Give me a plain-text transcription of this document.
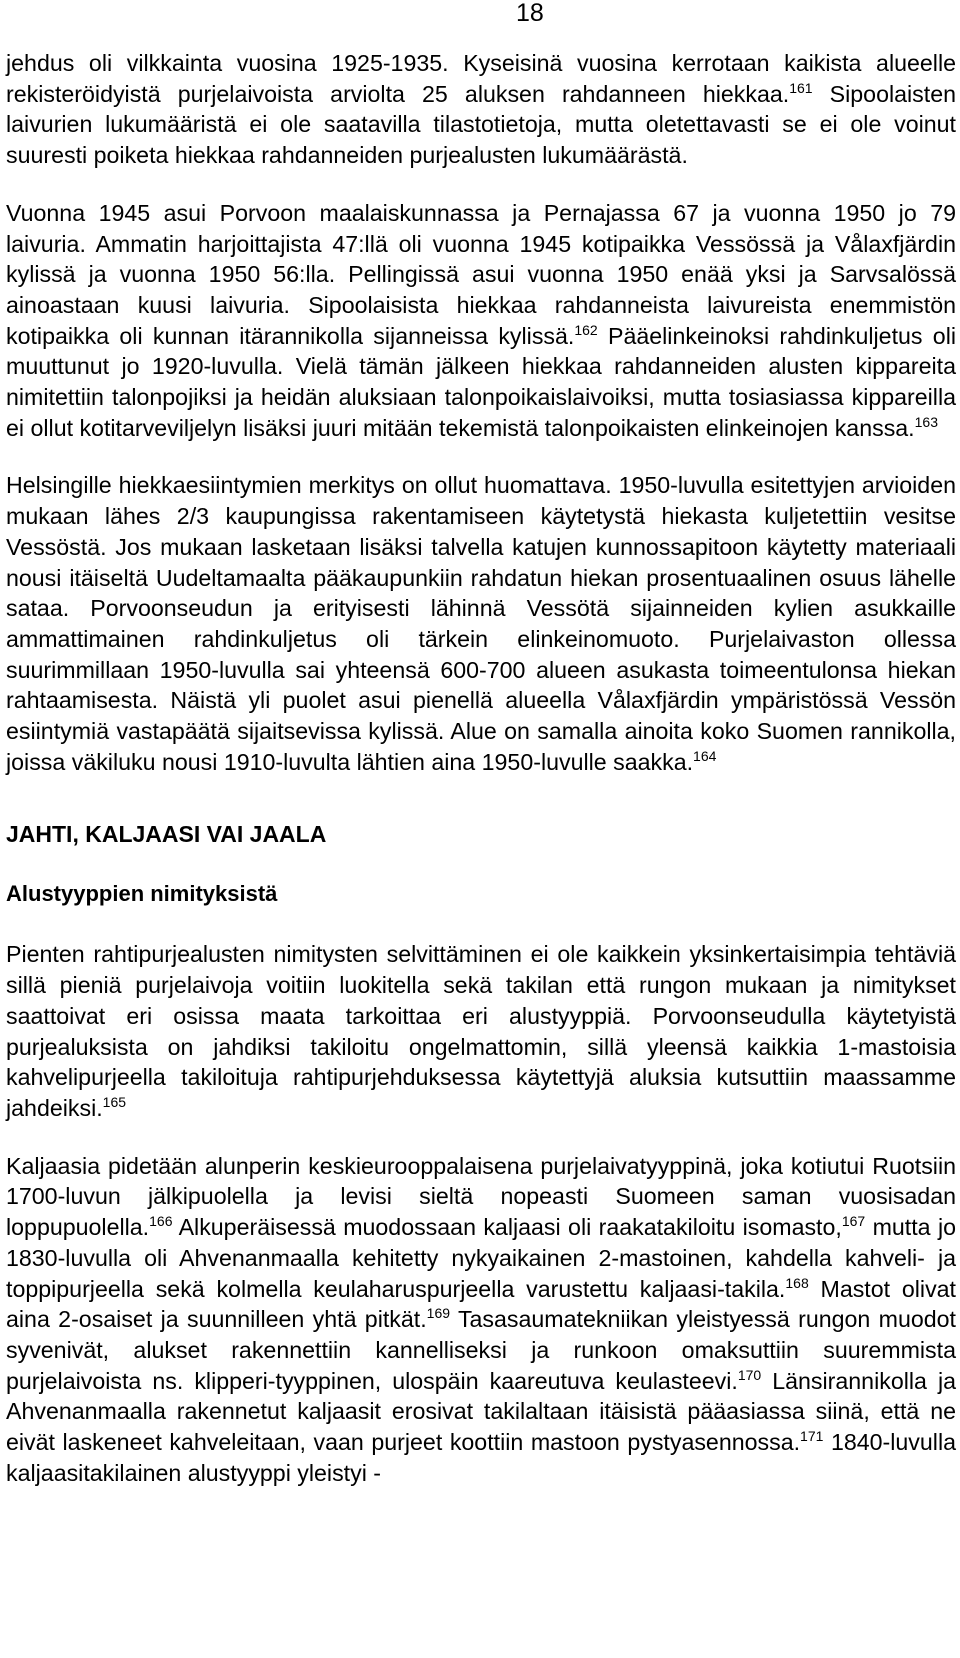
18

jehdus oli vilkkainta vuosina 1925-1935. Kyseisinä vuosina kerrotaan kaikista alueelle rekisteröidyistä purjelaivoista arviolta 25 aluksen rahdanneen hiekkaa.$^{161}$ Sipoolaisten laivurien lukumääristä ei ole saatavilla tilastotietoja, mutta oletettavasti se ei ole voinut suuresti poiketa hiekkaa rahdanneiden purjealusten lukumäärästä.

Vuonna 1945 asui Porvoon maalaiskunnassa ja Pernajassa 67 ja vuonna 1950 jo 79 laivuria. Ammatin harjoittajista 47:llä oli vuonna 1945 kotipaikka Vessössä ja Vålaxfjärdin kylissä ja vuonna 1950 56:lla. Pellingissä asui vuonna 1950 enää yksi ja Sarvsalössä ainoastaan kuusi laivuria. Sipoolaisista hiekkaa rahdanneista laivureista enemmistön kotipaikka oli kunnan itärannikolla sijanneissa kylissä.$^{162}$ Pääelinkeinoksi rahdinkuljetus oli muuttunut jo 1920-luvulla. Vielä tämän jälkeen hiekkaa rahdanneiden alusten kippareita nimitettiin talonpojiksi ja heidän aluksiaan talonpoikaislaivoiksi, mutta tosiasiassa kippareilla ei ollut kotitarveviljelyn lisäksi juuri mitään tekemistä talonpoikaisten elinkeinojen kanssa.$^{163}$

Helsingille hiekkaesiintymien merkitys on ollut huomattava. 1950-luvulla esitettyjen arvioiden mukaan lähes 2/3 kaupungissa rakentamiseen käytetystä hiekasta kuljetettiin vesitse Vessöstä. Jos mukaan lasketaan lisäksi talvella katujen kunnossapitoon käytetty materiaali nousi itäiseltä Uudeltamaalta pääkaupunkiin rahdatun hiekan prosentuaalinen osuus lähelle sataa. Porvoonseudun ja erityisesti lähinnä Vessötä sijainneiden kylien asukkaille ammattimainen rahdinkuljetus oli tärkein elinkeinomuoto. Purjelaivaston ollessa suurimmillaan 1950-luvulla sai yhteensä 600-700 alueen asukasta toimeentulonsa hiekan rahtaamisesta. Näistä yli puolet asui pienellä alueella Vålaxfjärdin ympäristössä Vessön esiintymiä vastapäätä sijaitsevissa kylissä. Alue on samalla ainoita koko Suomen rannikolla, joissa väkiluku nousi 1910-luvulta lähtien aina 1950-luvulle saakka.$^{164}$

JAHTI, KALJAASI VAI JAALA
Alustyyppien nimityksistä

Pienten rahtipurjealusten nimitysten selvittäminen ei ole kaikkein yksinkertaisimpia tehtäviä sillä pieniä purjelaivoja voitiin luokitella sekä takilan että rungon mukaan ja nimitykset saattoivat eri osissa maata tarkoittaa eri alustyyppiä. Porvoonseudulla käytetyistä purjealuksista on jahdiksi takiloitu ongelmattomin, sillä yleensä kaikkia 1-mastoisia kahvelipurjeella takiloituja rahtipurjehduksessa käytettyjä aluksia kutsuttiin maassamme jahdeiksi.$^{165}$

Kaljaasia pidetään alunperin keskieurooppalaisena purjelaivatyyppinä, joka kotiutui Ruotsiin 1700-luvun jälkipuolella ja levisi sieltä nopeasti Suomeen saman vuosisadan loppupuolella.$^{166}$ Alkuperäisessä muodossaan kaljaasi oli raakatakiloitu isomasto,$^{167}$ mutta jo 1830-luvulla oli Ahvenanmaalla kehitetty nykyaikainen 2-mastoinen, kahdella kahveli- ja toppipurjeella sekä kolmella keulaharuspurjeella varustettu kaljaasi-takila.$^{168}$ Mastot olivat aina 2-osaiset ja suunnilleen yhtä pitkät.$^{169}$ Tasasaumatekniikan yleistyessä rungon muodot syvenivät, alukset rakennettiin kannelliseksi ja runkoon omaksuttiin suuremmista purjelaivoista ns. klipperi-tyyppinen, ulospäin kaareutuva keulasteevi.$^{170}$ Länsirannikolla ja Ahvenanmaalla rakennetut kaljaasit erosivat takilaltaan itäisistä pääasiassa siinä, että ne eivät laskeneet kahveleitaan, vaan purjeet koottiin mastoon pystyasennossa.$^{171}$ 1840-luvulla kaljaasitakilainen alustyyppi yleistyi -
